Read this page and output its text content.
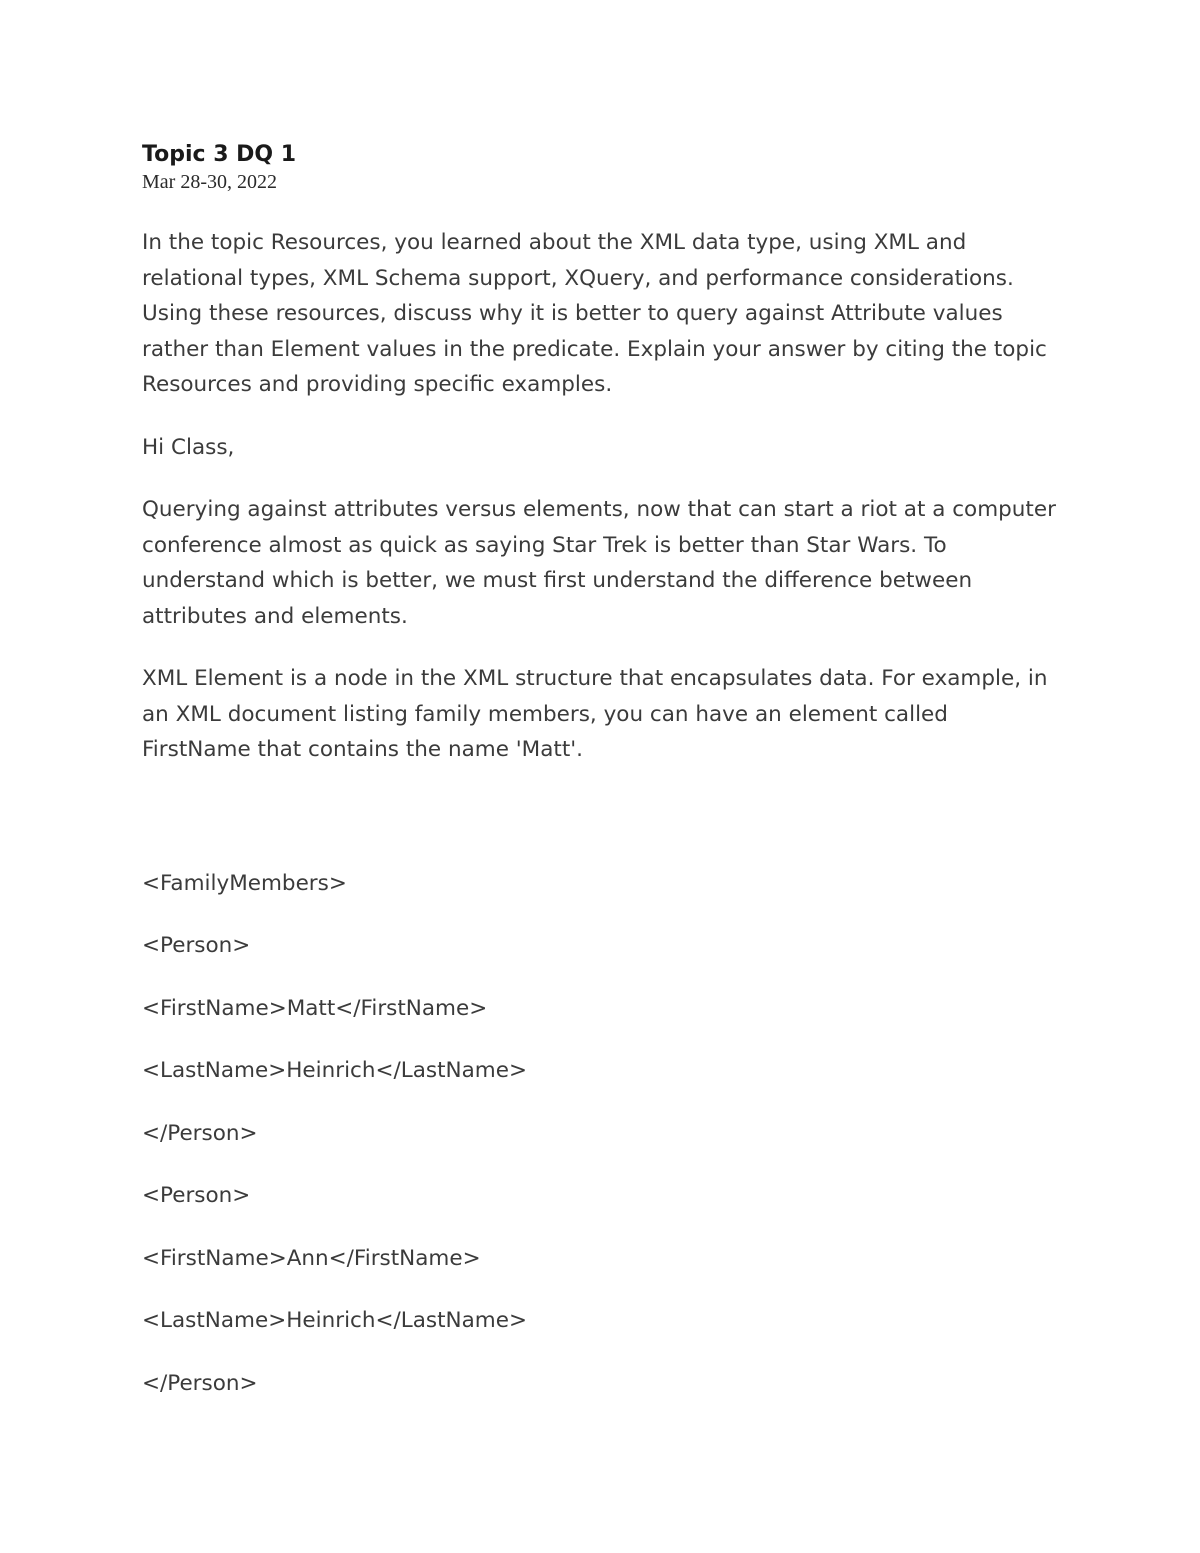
Topic 3 DQ 1
Mar 28-30, 2022
In the topic Resources, you learned about the XML data type, using XML and relational types, XML Schema support, XQuery, and performance considerations. Using these resources, discuss why it is better to query against Attribute values rather than Element values in the predicate. Explain your answer by citing the topic Resources and providing specific examples.
Hi Class,
Querying against attributes versus elements, now that can start a riot at a computer conference almost as quick as saying Star Trek is better than Star Wars. To understand which is better, we must first understand the difference between attributes and elements.
XML Element is a node in the XML structure that encapsulates data. For example, in an XML document listing family members, you can have an element called FirstName that contains the name 'Matt'.
<FamilyMembers>
<Person>
<FirstName>Matt</FirstName>
<LastName>Heinrich</LastName>
</Person>
<Person>
<FirstName>Ann</FirstName>
<LastName>Heinrich</LastName>
</Person>
